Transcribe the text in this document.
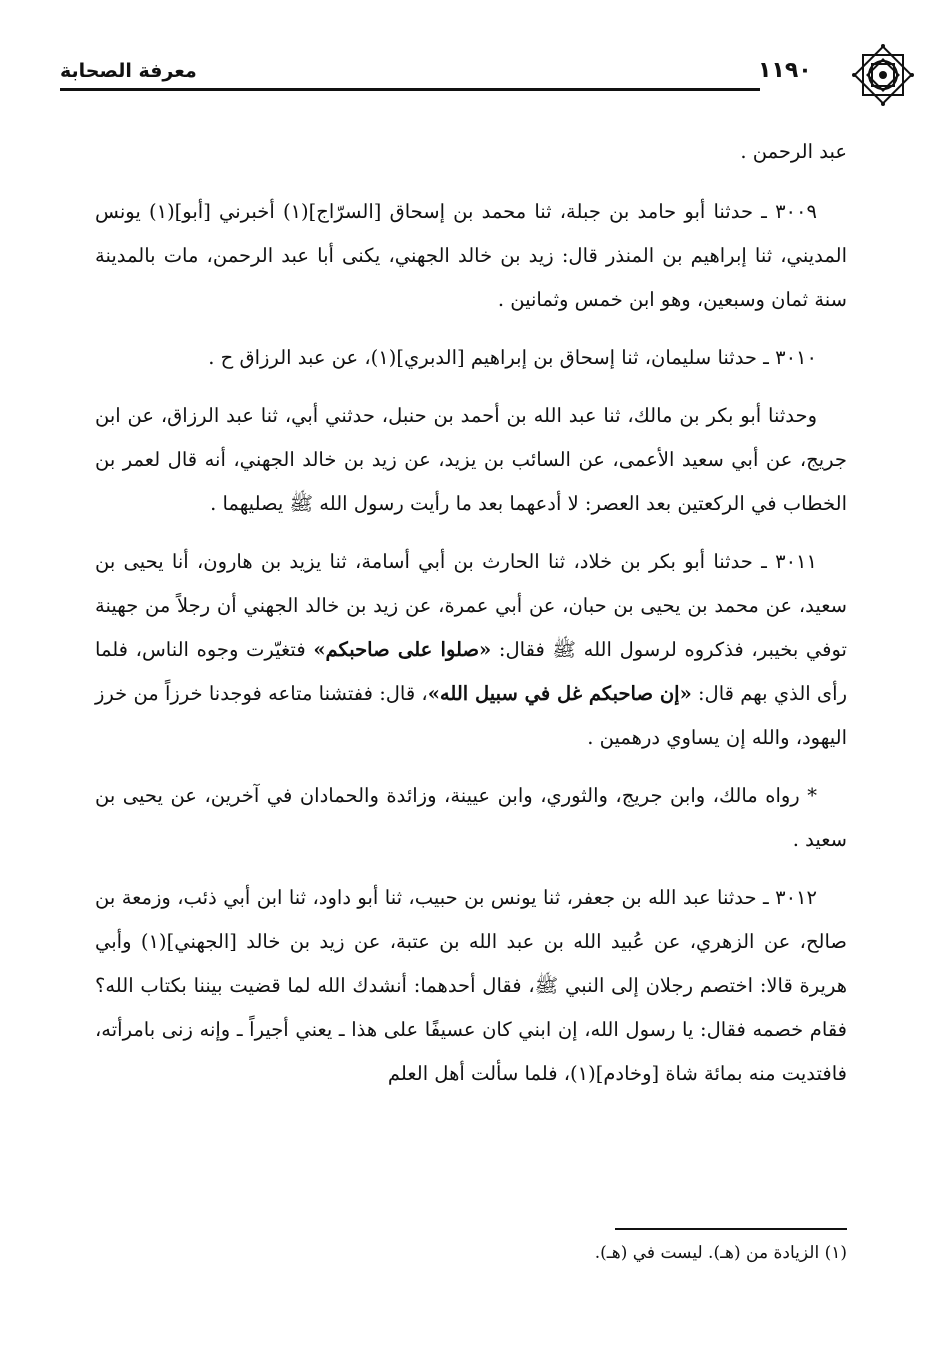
معرفة الصحابة	١١٩٠

عبد الرحمن .

٣٠٠٩ ـ حدثنا أبو حامد بن جبلة، ثنا محمد بن إسحاق [السرّاج](١) أخبرني [أبو](١) يونس المديني، ثنا إبراهيم بن المنذر قال: زيد بن خالد الجهني، يكنى أبا عبد الرحمن، مات بالمدينة سنة ثمان وسبعين، وهو ابن خمس وثمانين .

٣٠١٠ ـ حدثنا سليمان، ثنا إسحاق بن إبراهيم [الدبري](١)، عن عبد الرزاق ح .

وحدثنا أبو بكر بن مالك، ثنا عبد الله بن أحمد بن حنبل، حدثني أبي، ثنا عبد الرزاق، عن ابن جريج، عن أبي سعيد الأعمى، عن السائب بن يزيد، عن زيد بن خالد الجهني، أنه قال لعمر بن الخطاب في الركعتين بعد العصر: لا أدعهما بعد ما رأيت رسول الله ﷺ يصليهما .

٣٠١١ ـ حدثنا أبو بكر بن خلاد، ثنا الحارث بن أبي أسامة، ثنا يزيد بن هارون، أنا يحيى بن سعيد، عن محمد بن يحيى بن حبان، عن أبي عمرة، عن زيد بن خالد الجهني أن رجلاً من جهينة توفي بخيبر، فذكروه لرسول الله ﷺ فقال: «صلوا على صاحبكم» فتغيّرت وجوه الناس، فلما رأى الذي بهم قال: «إن صاحبكم غل في سبيل الله»، قال: ففتشنا متاعه فوجدنا خرزاً من خرز اليهود، والله إن يساوي درهمين .

* رواه مالك، وابن جريج، والثوري، وابن عيينة، وزائدة والحمادان في آخرين، عن يحيى بن سعيد .

٣٠١٢ ـ حدثنا عبد الله بن جعفر، ثنا يونس بن حبيب، ثنا أبو داود، ثنا ابن أبي ذئب، وزمعة بن صالح، عن الزهري، عن عُبيد الله بن عبد الله بن عتبة، عن زيد بن خالد [الجهني](١) وأبي هريرة قالا: اختصم رجلان إلى النبي ﷺ، فقال أحدهما: أنشدك الله لما قضيت بيننا بكتاب الله؟ فقام خصمه فقال: يا رسول الله، إن ابني كان عسيفًا على هذا ـ يعني أجيراً ـ وإنه زنى بامرأته، فافتديت منه بمائة شاة [وخادم](١)، فلما سألت أهل العلم

(١) الزيادة من (هـ). ليست في (هـ).
